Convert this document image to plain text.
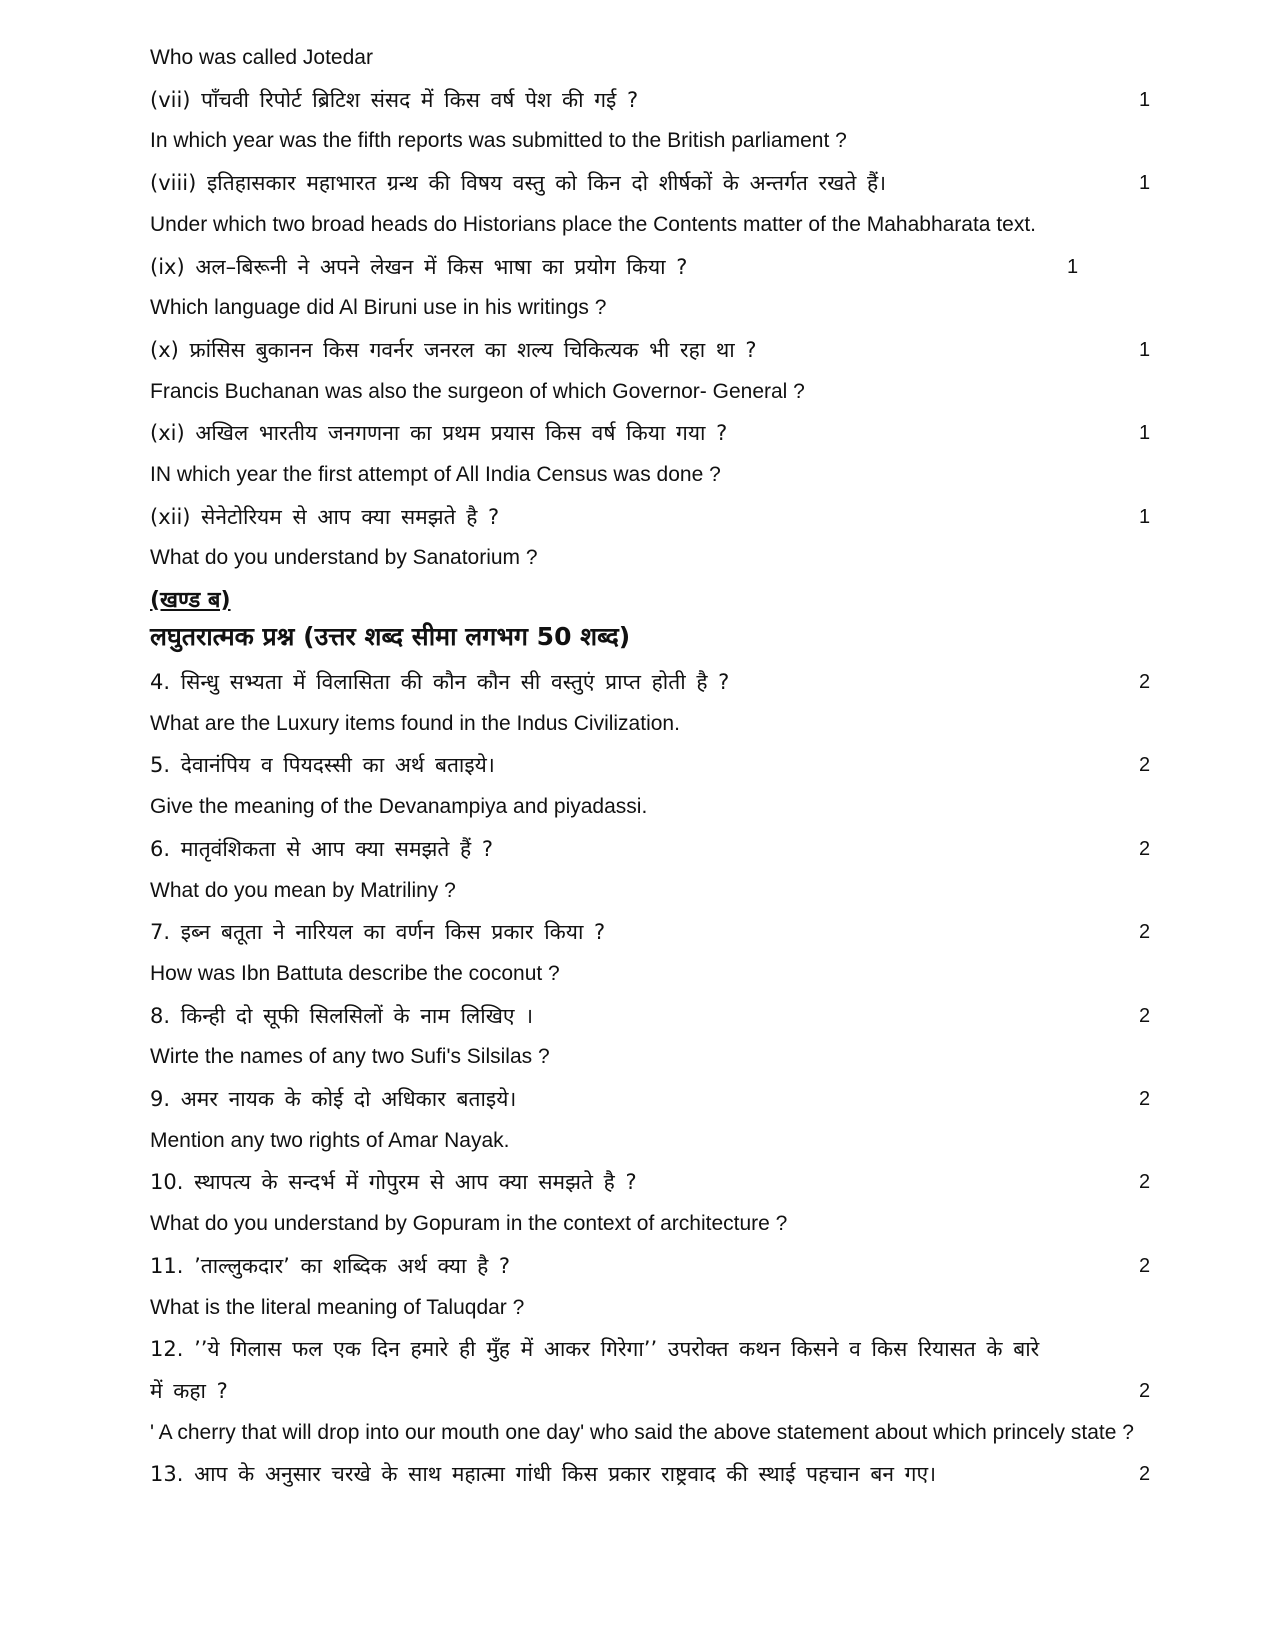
Who was called Jotedar
(vii) पाँचवी रिपोर्ट ब्रिटिश संसद में किस वर्ष पेश की गई ?	1
In which year was the fifth reports was submitted to the British parliament ?
(viii) इतिहासकार महाभारत ग्रन्थ की विषय वस्तु को किन दो शीर्षकों के अन्तर्गत रखते हैं।	1
Under which two broad heads do Historians place the Contents matter of the Mahabharata text.
(ix) अल–बिरूनी ने अपने लेखन में किस भाषा का प्रयोग किया ?	1
Which language did Al Biruni use in his writings ?
(x) फ्रांसिस बुकानन किस गवर्नर जनरल का शल्य चिकित्यक भी रहा था ?	1
Francis Buchanan was also the surgeon of which Governor- General ?
(xi) अखिल भारतीय जनगणना का प्रथम प्रयास किस वर्ष किया गया ?	1
IN which year the first attempt of All India Census was done ?
(xii) सेनेटोरियम से आप क्या समझते है ?	1
What do you understand by Sanatorium ?
(खण्ड ब)
लघुतरात्मक प्रश्न (उत्तर शब्द सीमा लगभग 50 शब्द)
4. सिन्धु सभ्यता में विलासिता की कौन कौन सी वस्तुएं प्राप्त होती है ?	2
What are the Luxury items found in the Indus Civilization.
5. देवानंपिय व पियदस्सी का अर्थ बताइये।	2
Give the meaning of the Devanampiya and piyadassi.
6. मातृवंशिकता से आप क्या समझते हैं ?	2
What do you mean by Matriliny ?
7. इब्न बतूता ने नारियल का वर्णन किस प्रकार किया ?	2
How was Ibn Battuta describe the coconut ?
8. किन्ही दो सूफी सिलसिलों के नाम लिखिए ।	2
Wirte the names of any two Sufi's Silsilas ?
9. अमर नायक के कोई दो अधिकार बताइये।	2
Mention any two rights of Amar Nayak.
10. स्थापत्य के सन्दर्भ में गोपुरम से आप क्या समझते है ?	2
What do you understand by Gopuram in the context of architecture ?
11. ’ताल्लुकदार’ का शब्दिक अर्थ क्या है ?	2
What is the literal meaning of Taluqdar ?
12. ’’ये गिलास फल एक दिन हमारे ही मुँह में आकर गिरेगा’’ उपरोक्त कथन किसने व किस रियासत के बारे
में कहा ?	2
' A cherry that will drop into our mouth one day' who said the above statement about which princely state ?
13. आप के अनुसार चरखे के साथ महात्मा गांधी किस प्रकार राष्ट्रवाद की स्थाई पहचान बन गए।	2
